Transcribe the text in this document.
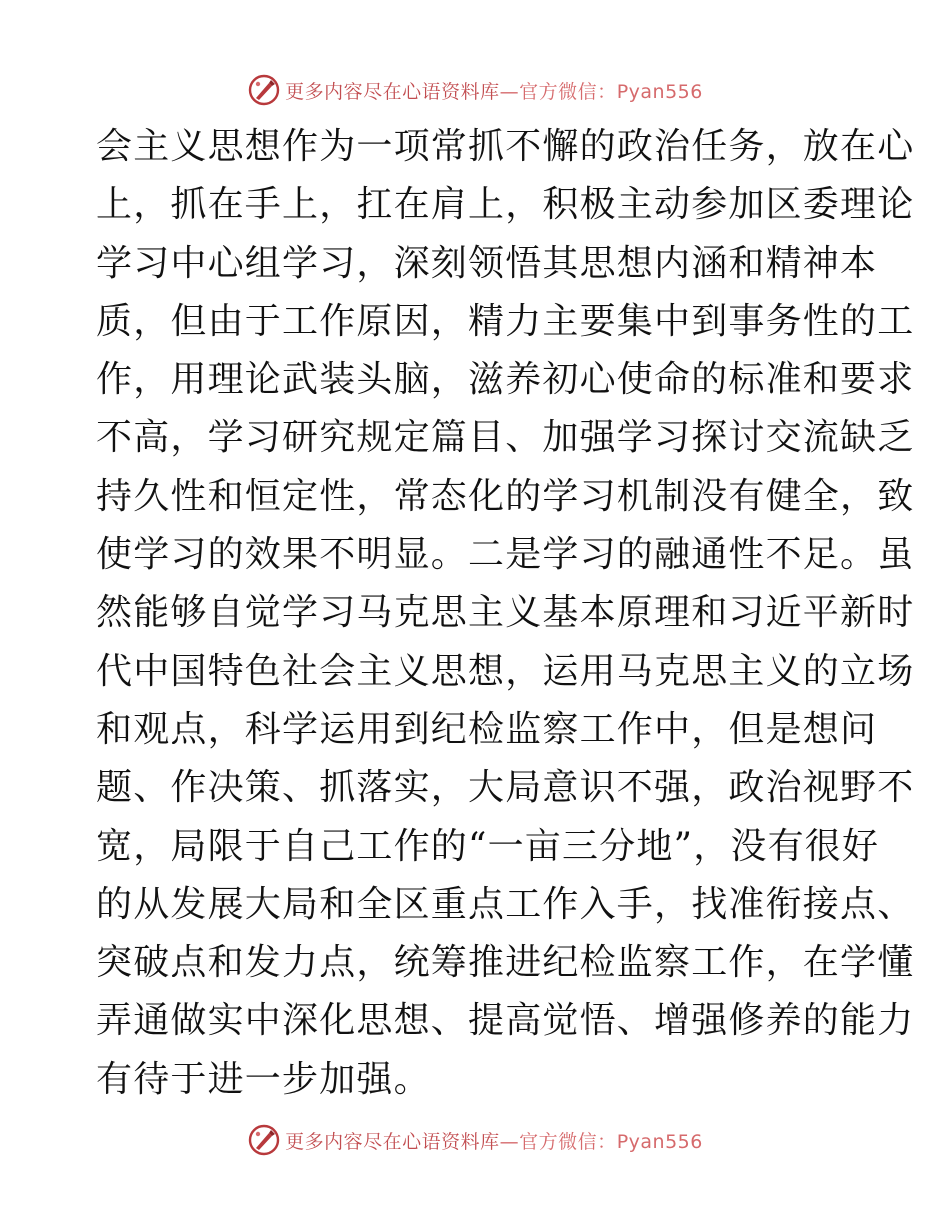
更多内容尽在心语资料库—官方微信：Pyan556
会主义思想作为一项常抓不懈的政治任务，放在心
上，抓在手上，扛在肩上，积极主动参加区委理论
学习中心组学习，深刻领悟其思想内涵和精神本
质，但由于工作原因，精力主要集中到事务性的工
作，用理论武装头脑，滋养初心使命的标准和要求
不高，学习研究规定篇目、加强学习探讨交流缺乏
持久性和恒定性，常态化的学习机制没有健全，致
使学习的效果不明显。二是学习的融通性不足。虽
然能够自觉学习马克思主义基本原理和习近平新时
代中国特色社会主义思想，运用马克思主义的立场
和观点，科学运用到纪检监察工作中，但是想问
题、作决策、抓落实，大局意识不强，政治视野不
宽，局限于自己工作的“一亩三分地”，没有很好
的从发展大局和全区重点工作入手，找准衔接点、
突破点和发力点，统筹推进纪检监察工作，在学懂
弄通做实中深化思想、提高觉悟、增强修养的能力
有待于进一步加强。
更多内容尽在心语资料库—官方微信：Pyan556
